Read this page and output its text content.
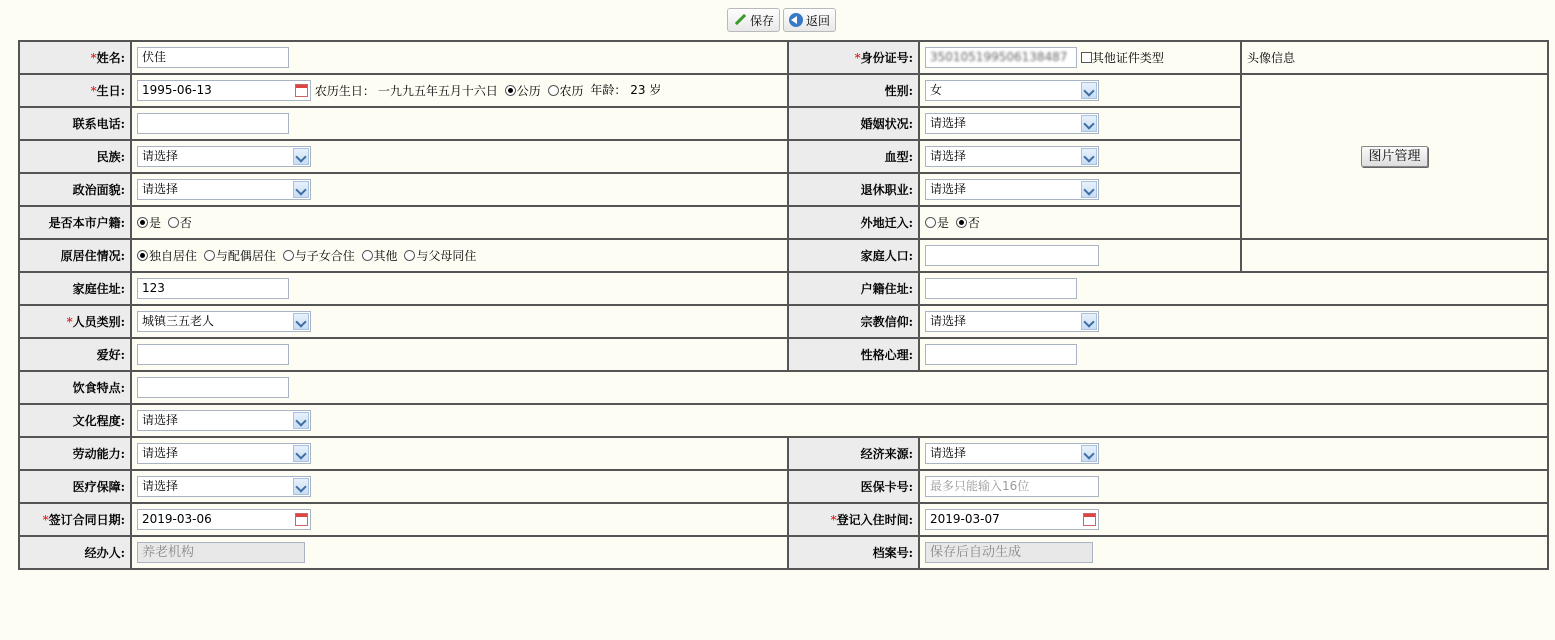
保存	返回
*姓名:	伏佳	*身份证号:	350105199506138487 其他证件类型	头像信息
*生日:	1995-06-13 农历生日： 一九九五年五月十六日 公历 农历 年龄： 23 岁	性别:	女	图片管理
联系电话:		婚姻状况:	请选择	

民族:	请选择	血型:	请选择	

政治面貌:	请选择	退休职业:	请选择	

是否本市户籍:	是 否	外地迁入:	是 否	
原居住情况:	独自居住 与配偶居住 与子女合住 其他 与父母同住	家庭人口:		
家庭住址:	123	户籍住址:		
*人员类别:	城镇三五老人	宗教信仰:	请选择	

爱好:		性格心理:		
饮食特点:				
文化程度:	请选择			

劳动能力:	请选择	经济来源:	请选择	

医疗保障:	请选择	医保卡号:	最多只能输入16位	
*签订合同日期:	2019-03-06	*登记入住时间:	2019-03-07	

经办人:	养老机构	档案号:	保存后自动生成	
